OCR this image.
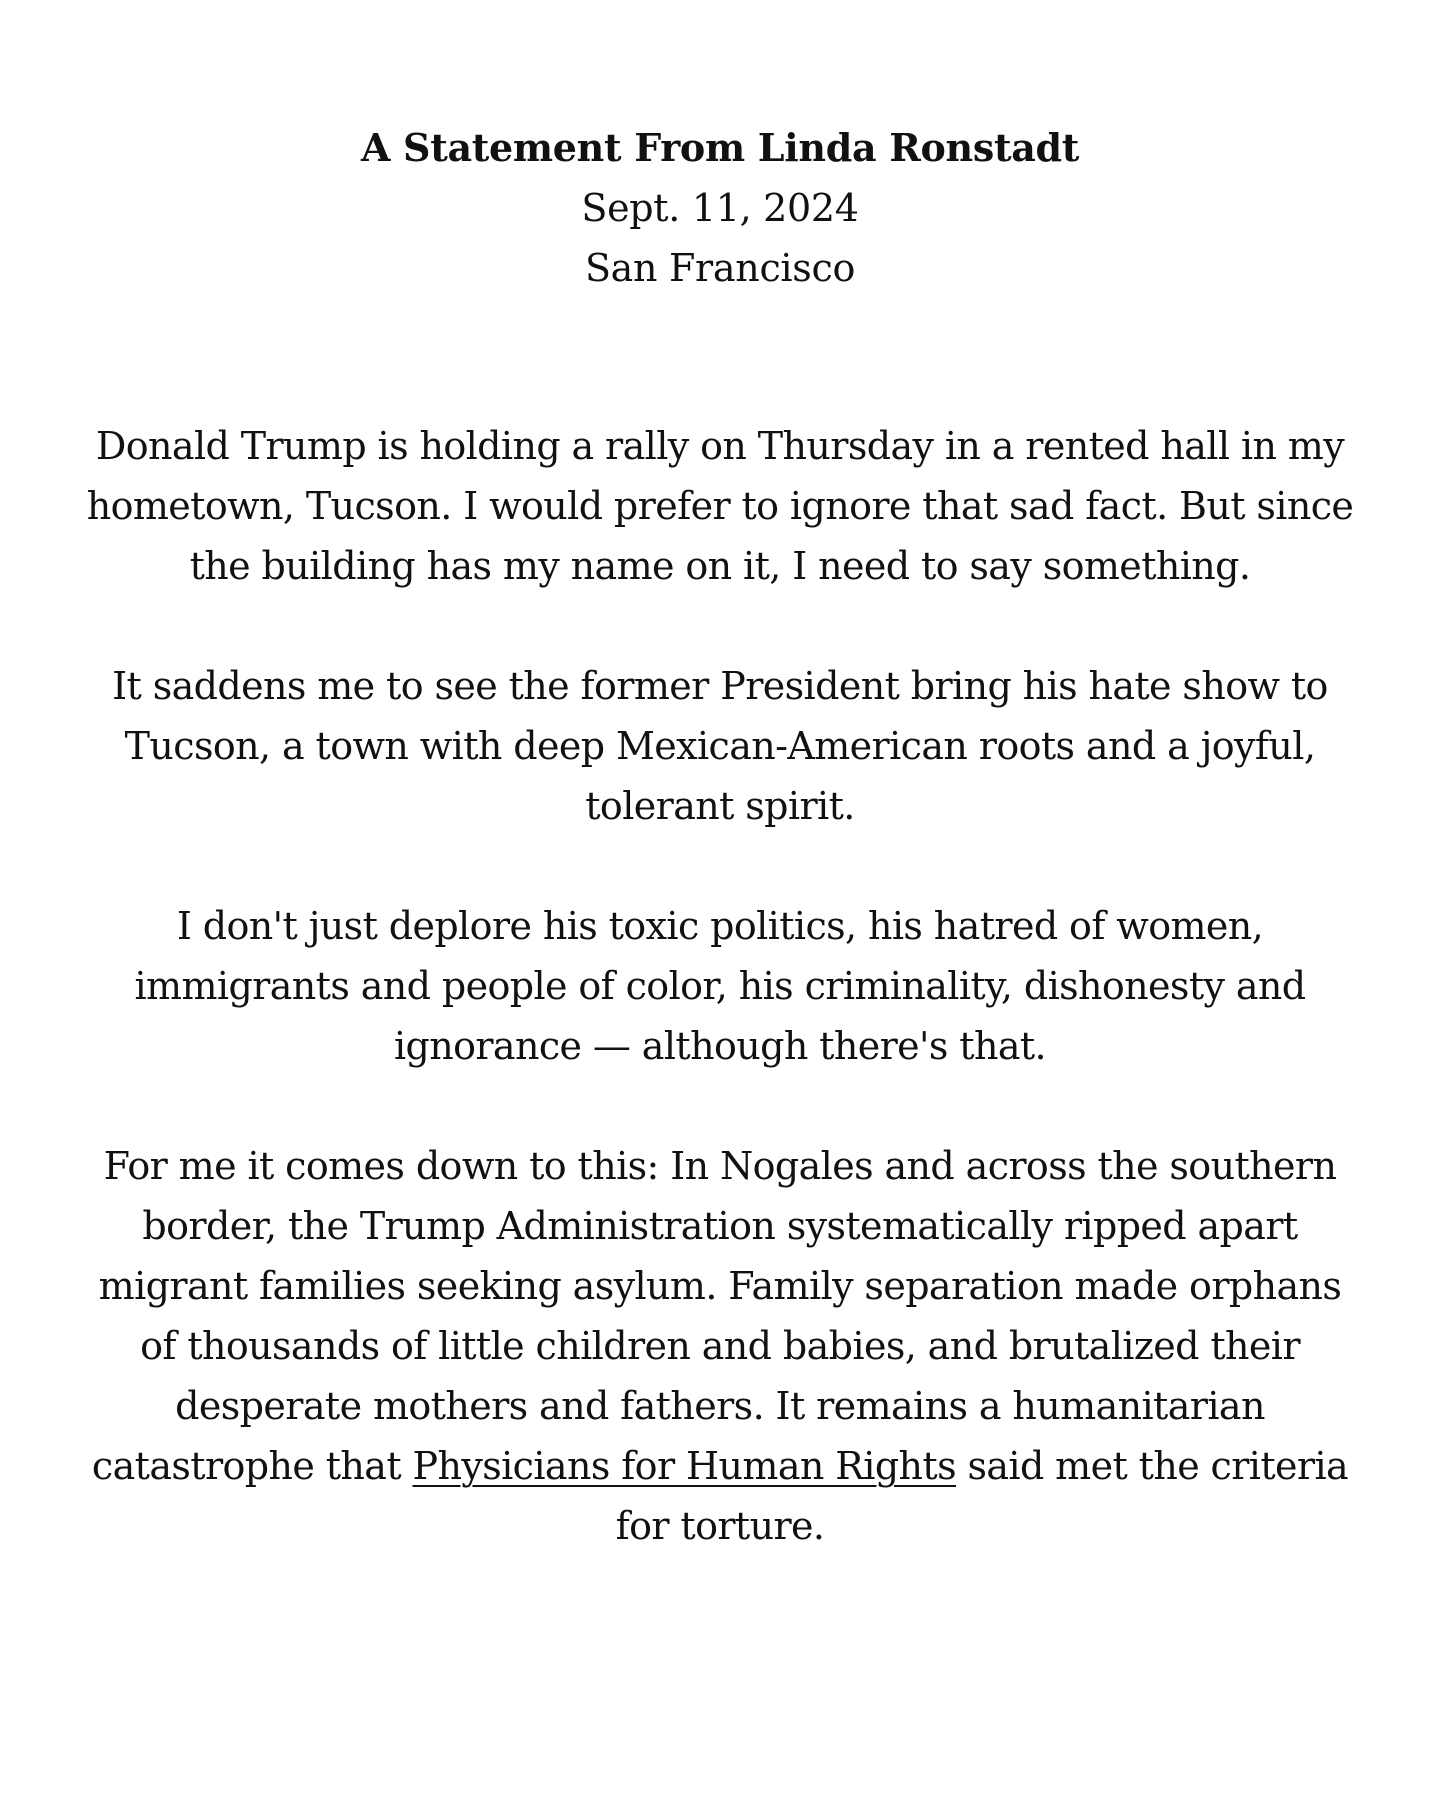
A Statement From Linda Ronstadt

Sept. 11, 2024

San Francisco

Donald Trump is holding a rally on Thursday in a rented hall in my
hometown, Tucson. I would prefer to ignore that sad fact. But since
the building has my name on it, I need to say something.

It saddens me to see the former President bring his hate show to
Tucson, a town with deep Mexican-American roots and a joyful,
tolerant spirit.

I don't just deplore his toxic politics, his hatred of women,
immigrants and people of color, his criminality, dishonesty and
ignorance — although there's that.

For me it comes down to this: In Nogales and across the southern
border, the Trump Administration systematically ripped apart
migrant families seeking asylum. Family separation made orphans
of thousands of little children and babies, and brutalized their
desperate mothers and fathers. It remains a humanitarian
catastrophe that Physicians for Human Rights said met the criteria
for torture.
